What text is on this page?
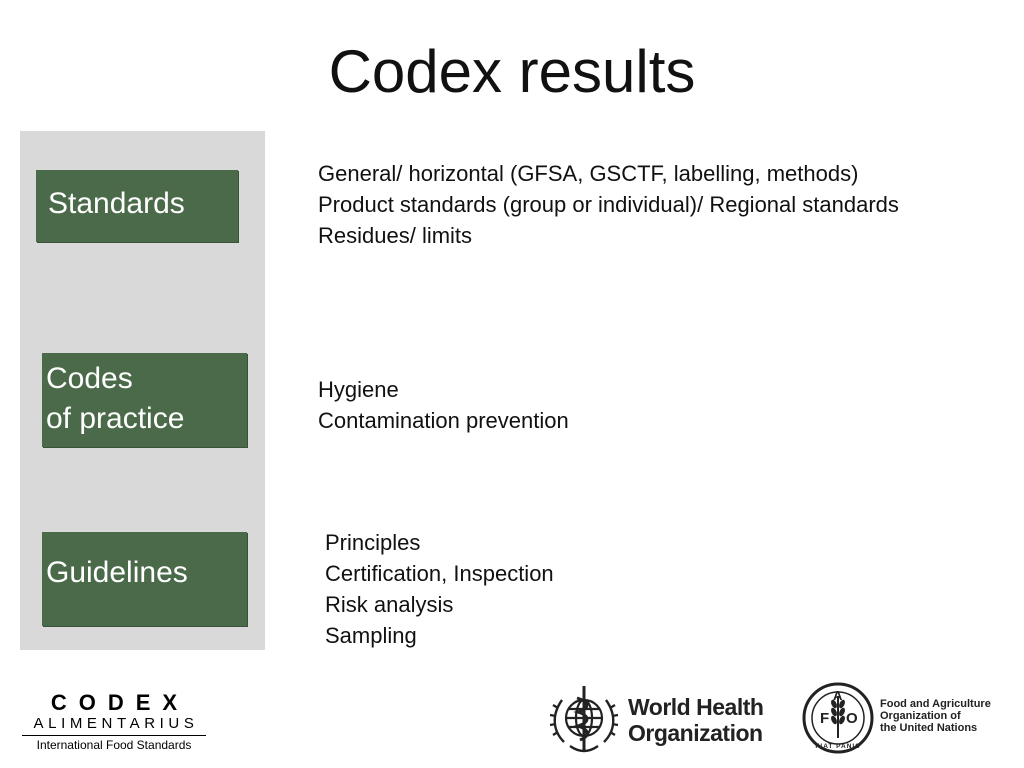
Codex results
Standards
Codes
of practice
Guidelines
General/ horizontal (GFSA, GSCTF, labelling, methods)
Product standards (group or individual)/ Regional standards
Residues/ limits
Hygiene
Contamination prevention
Principles
Certification, Inspection
Risk analysis
Sampling
CODEX
ALIMENTARIUS
International Food Standards
World Health
Organization
F
A
O
FIAT PANIS
Food and Agriculture
Organization of
the United Nations
